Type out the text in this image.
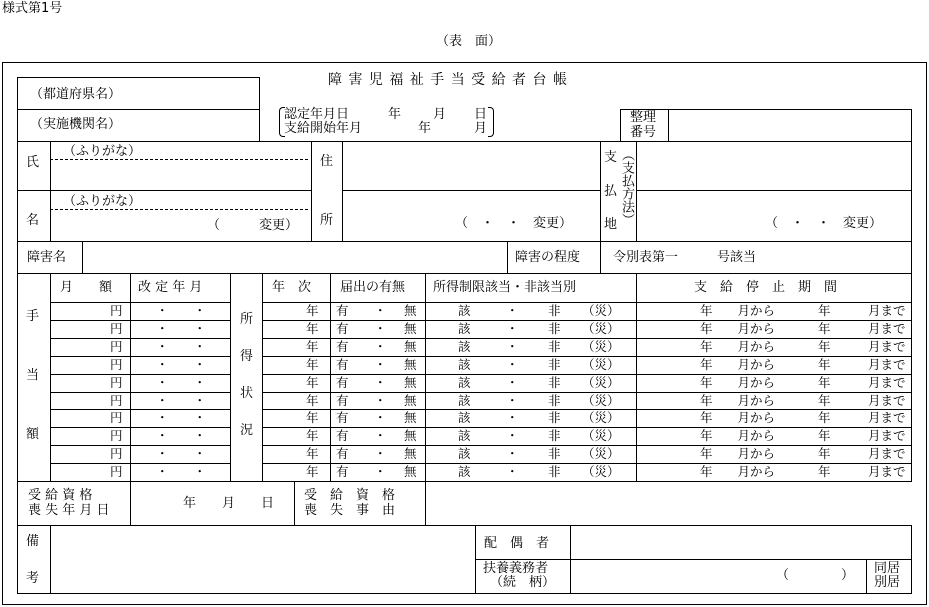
様式第1号
（表　面）
障 害 児 福 祉 手 当 受 給 者 台 帳
（都道府県名）
（実施機関名）
認定年月日	年 月 日
支給開始年月	年	月
整理
番号
氏
名
（ふりがな）
（ふりがな）
（　　　変更）
住
所	（　・　・　変更）
支
払
地 （支払方法）	（　・　・　変更）
障害名	障害の程度	令別表第一　　　号該当
手
当
額
所
得
状
況
月　　額 改 定 年 月	年　次 届出の有無 所得制限該当・非該当別	支　給　停　止　期　間
円	・　　・	年 有 ・ 無	該	・ 非 （災）	年　　月から	年　　　月まで
円	・　　・	年 有 ・ 無	該	・ 非 （災）	年　　月から	年　　　月まで
円	・　　・	年 有 ・ 無	該	・ 非 （災）	年　　月から	年　　　月まで
円	・　　・	年 有 ・ 無	該	・ 非 （災）	年　　月から	年　　　月まで
円	・　　・	年 有 ・ 無	該	・ 非 （災）	年　　月から	年　　　月まで
円	・　　・	年 有 ・ 無	該	・ 非 （災）	年　　月から	年　　　月まで
円	・　　・	年 有 ・ 無	該	・ 非 （災）	年　　月から	年　　　月まで
円	・　　・	年 有 ・ 無	該	・ 非 （災）	年　　月から	年　　　月まで
円	・　　・	年 有 ・ 無	該	・ 非 （災）	年　　月から	年　　　月まで
円	・　　・	年 有 ・ 無	該	・ 非 （災）	年　　月から	年　　　月まで
受 給 資 格
喪 失 年 月 日	年　　月　　日
受　給　資　格
喪　失　事　由
備
考
配　偶　者
扶養義務者
（続　柄）	（　　　　） 同居
別居
